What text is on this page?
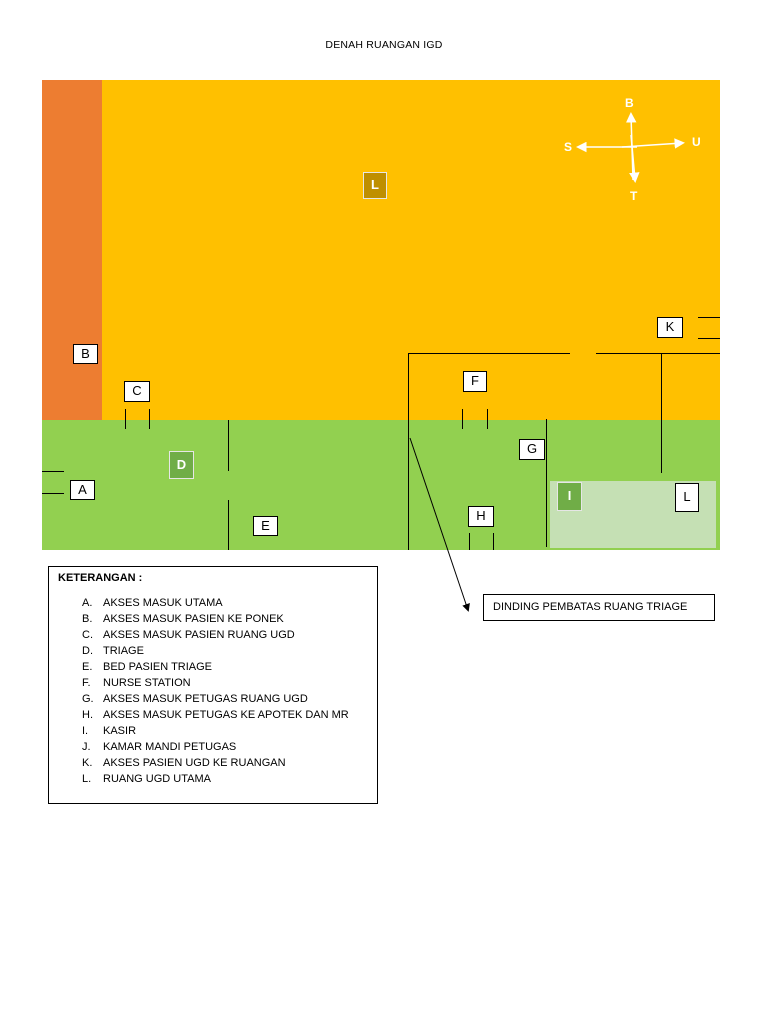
DENAH RUANGAN IGD
B
S	U
T
L
B
C
D
A
E
F
G
H
K
I	L
DINDING PEMBATAS RUANG TRIAGE
KETERANGAN :
A. AKSES MASUK UTAMA
B. AKSES MASUK PASIEN KE PONEK
C. AKSES MASUK PASIEN RUANG UGD
D. TRIAGE
E. BED PASIEN TRIAGE
F. NURSE STATION
G. AKSES MASUK PETUGAS RUANG UGD
H. AKSES MASUK PETUGAS KE APOTEK DAN MR
I. KASIR
J. KAMAR MANDI PETUGAS
K. AKSES PASIEN UGD KE RUANGAN
L. RUANG UGD UTAMA
